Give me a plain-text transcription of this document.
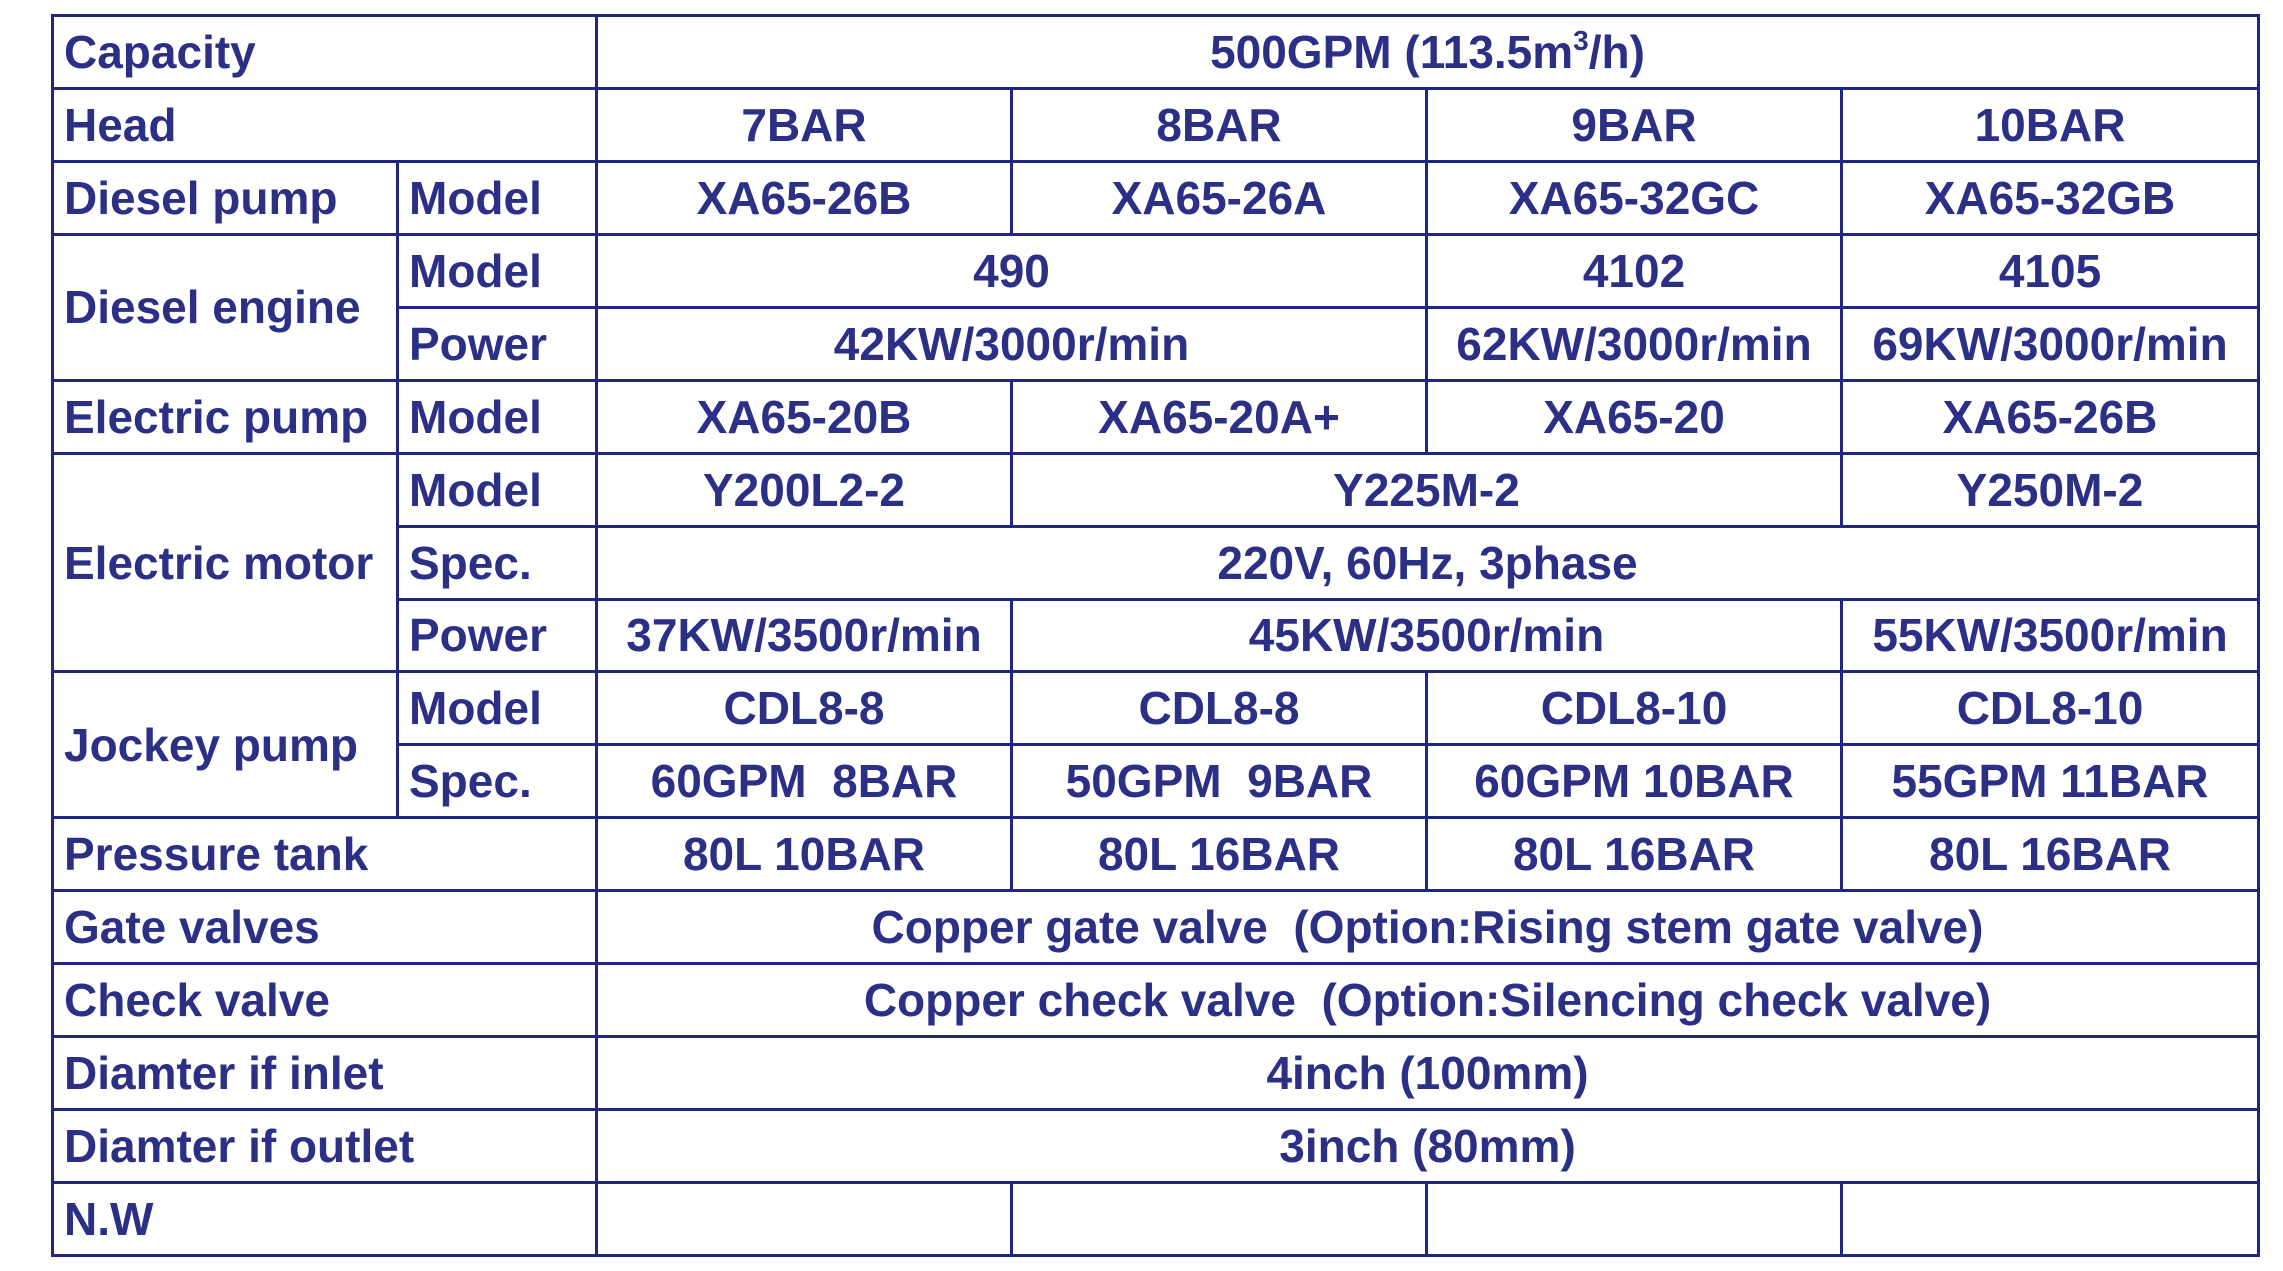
Capacity		500GPM $(113.5m^3/h)$			
Head		7BAR	8BAR	9BAR	10BAR
Diesel pump	Model	XA65-26B	XA65-26A	XA65-32GC	XA65-32GB
Diesel engine	Model	490		4102	4105
	Power	42KW/3000r/min		62KW/3000r/min	69KW/3000r/min
Electric pump	Model	XA65-20B	XA65-20A+	XA65-20	XA65-26B
Electric motor	Model	Y200L2-2	Y225M-2		Y250M-2
	Spec.	220V, 60Hz, 3phase			
	Power	37KW/3500r/min	45KW/3500r/min		55KW/3500r/min
Jockey pump	Model	CDL8-8	CDL8-8	CDL8-10	CDL8-10
	Spec.	60GPM  8BAR	50GPM  9BAR	60GPM 10BAR	55GPM 11BAR
Pressure tank		80L 10BAR	80L 16BAR	80L 16BAR	80L 16BAR
Gate valves		Copper gate valve  (Option:Rising stem gate valve)			
Check valve		Copper check valve  (Option:Silencing check valve)			
Diamter if inlet		4inch (100mm)			
Diamter if outlet		3inch (80mm)			
N.W					
